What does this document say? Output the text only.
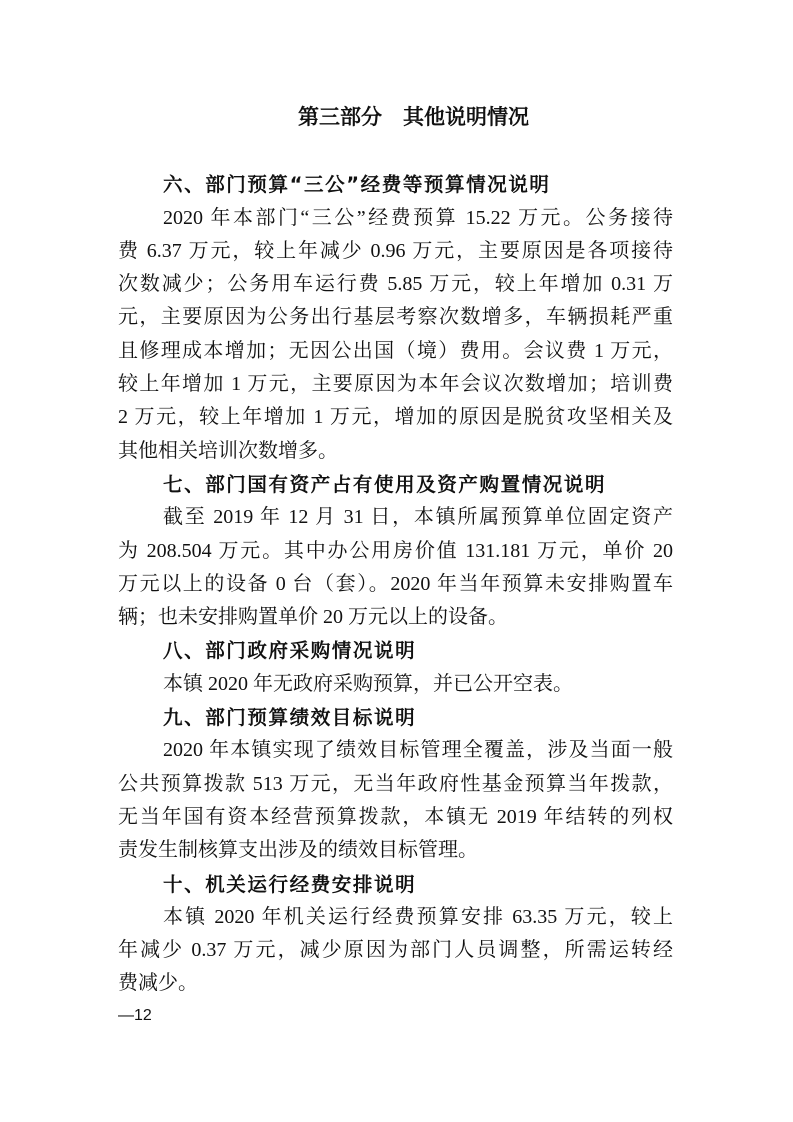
第三部分　其他说明情况
六、部门预算“三公”经费等预算情况说明
2020 年本部门“三公”经费预算 15.22 万元。公务接待
费 6.37 万元，较上年减少 0.96 万元，主要原因是各项接待
次数减少；公务用车运行费 5.85 万元，较上年增加 0.31 万
元，主要原因为公务出行基层考察次数增多，车辆损耗严重
且修理成本增加；无因公出国（境）费用。会议费 1 万元，
较上年增加 1 万元，主要原因为本年会议次数增加；培训费
2 万元，较上年增加 1 万元，增加的原因是脱贫攻坚相关及
其他相关培训次数增多。
七、部门国有资产占有使用及资产购置情况说明
截至 2019 年 12 月 31 日，本镇所属预算单位固定资产
为 208.504 万元。其中办公用房价值 131.181 万元，单价 20
万元以上的设备 0 台（套）。2020 年当年预算未安排购置车
辆；也未安排购置单价 20 万元以上的设备。
八、部门政府采购情况说明
本镇 2020 年无政府采购预算，并已公开空表。
九、部门预算绩效目标说明
2020 年本镇实现了绩效目标管理全覆盖，涉及当面一般
公共预算拨款 513 万元，无当年政府性基金预算当年拨款，
无当年国有资本经营预算拨款，本镇无 2019 年结转的列权
责发生制核算支出涉及的绩效目标管理。
十、机关运行经费安排说明
本镇 2020 年机关运行经费预算安排 63.35 万元，较上
年减少 0.37 万元，减少原因为部门人员调整，所需运转经
费减少。
—12
